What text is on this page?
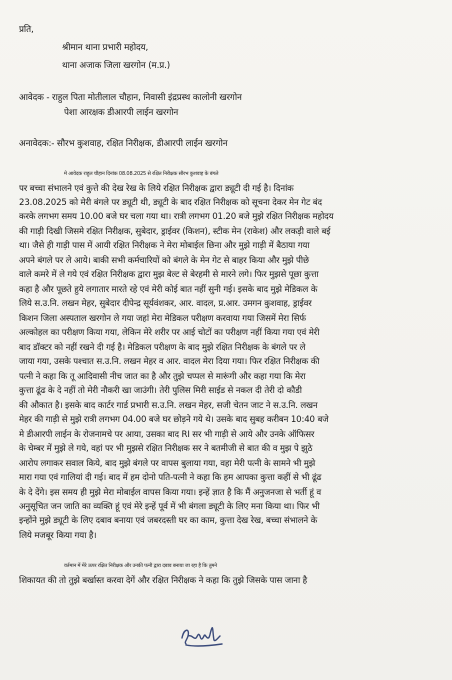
प्रति,
श्रीमान थाना प्रभारी महोदय,
थाना अजाक जिला खरगोन (म.प्र.)
आवेदक - राहुल पिता मोतीलाल चौहान, निवासी इंद्रप्रस्थ कालोनी खरगोन
पेशा आरक्षक डीआरपी लाईन खरगोन
अनावेदक:- सौरभ कुशवाह, रक्षित निरीक्षक, डीआरपी लाईन खरगोन
मे आवेदक राहुल चौहान दिनांक 08.08.2025 से रक्षित निरीक्षक सौरभ कुशवाह के बंगले
पर बच्चा संभालने एवं कुत्ते की देख रेख के लिये रक्षित निरीक्षक द्वारा ड्यूटी दी गई है। दिनांक
23.08.2025 को मेरी बंगले पर ड्यूटी थी, ड्यूटी के बाद रक्षित निरीक्षक को सूचना देकर मेन गेट बंद
करके लगभग समय 10.00 बजे घर चला गया था। रात्री लगभग 01.20 बजे मुझे रक्षित निरीक्षक महोदय
की गाड़ी दिखी जिसमे रक्षित निरीक्षक, सुबेदार, ड्राईवर (किशन), स्टीक मेन (राकेश) और लकड़ी वाले बई
था। जैसे ही गाड़ी पास में आयी रक्षित निरीक्षक ने मेरा मोबाईल छिना और मुझे गाड़ी में बैठाया गया
अपने बंगले पर ले आये। बाकी सभी कर्मचारियों को बंगले के मेन गेट से बाहर किया और मुझे पीछे
वाले कमरे में ले गये एवं रक्षित निरीक्षक द्वारा मुझ बेल्ट से बेरहमी से मारने लगे। फिर मुझसे पूछा कुत्ता
कहा है और पूछते हुये लगातार मारते रहे एवं मेरी कोई बात नहीं सुनी गई। इसके बाद मुझे मेडिकल के
लिये स.उ.नि. लखन मेहर, सुबेदार दीपेन्द्र सूर्यवंशकर, आर. वादल, प्र.आर. उमगन कुशवाह, ड्राईवर
किशन जिला अस्पताल खरगोन ले गया जहां मेरा मेडिकल परीक्षण करवाया गया जिसमें मेरा सिर्फ
अल्कोहल का परीक्षण किया गया, लेकिन मेरे शरीर पर आई चोटों का परीक्षण नहीं किया गया एवं मेरी
बाद डॉक्टर को नहीं रखने दी गई है। मेडिकल परीक्षण के बाद मुझे रक्षित निरीक्षक के बंगले पर ले
जाया गया, उसके पश्चात स.उ.नि. लखन मेहर व आर. वादल मेरा दिया गया। फिर रक्षित निरीक्षक की
पत्नी ने कहा कि तू आदिवासी नीच जात का है और तुझे चप्पल से मारूंगी और कहा गया कि मेरा
कुत्ता ढूंढ के दे नहीं तो मेरी नौकरी खा जाउंगी। तेरी पुलिस मिरी साईड से नकल दी तेरी दो कौडी
की औकात है। इसके बाद कार्टर गार्ड प्रभारी स.उ.नि. लखन मेहर, सजी चेतन जाट ने स.उ.नि. लखन
मेहर की गाड़ी से मुझे रात्री लगभग 04.00 बजे घर छोड़ने गये थे। उसके बाद सुबह करीबन 10:40 बजे
मे डीआरपी लाईन के रोजनामचे पर आया, उसका बाद RI सर भी गाड़ी से आये और उनके ऑफिसर
के चेम्बर में मुझे ले गये, वहां पर भी मुझसे रक्षित निरीक्षक सर ने बतमीजी से बात की व मुझ पे झुठे
आरोप लगाकर सवाल किये, बाद मुझे बंगले पर वापस बुलाया गया, वहा मेरी पत्नी के सामने भी मुझे
मारा गया एवं गालियां दी गई। बाद में हम दोनो पति-पत्नी ने कहा कि हम आपका कुत्ता कहीं से भी ढूंढ
के दे देंगे। इस समय ही मुझे मेरा मोबाईल वापस किया गया। इन्हें ज्ञात है कि मैं अनुजनजा से भर्ती हूं व
अनुसूचित जन जाति का व्यक्ति हूं एवं मेरे इन्हें पूर्व में भी बंगला ड्यूटी के लिए मना किया था। फिर भी
इन्होंने मुझे ड्यूटी के लिए दबाव बनाया एवं जबरदस्ती घर का काम, कुत्ता देख रेख, बच्चा संभालने के
लिये मजबूर किया गया है।
वर्तमान में मेरे ऊपर रक्षित निरीक्षक और उनकी पत्नी द्वारा दबाव बनाया जा रहा है कि तुमने
शिकायत की तो तुझे बर्खास्त करवा देगें और रक्षित निरीक्षक ने कहा कि तुझे जिसके पास जाना है
